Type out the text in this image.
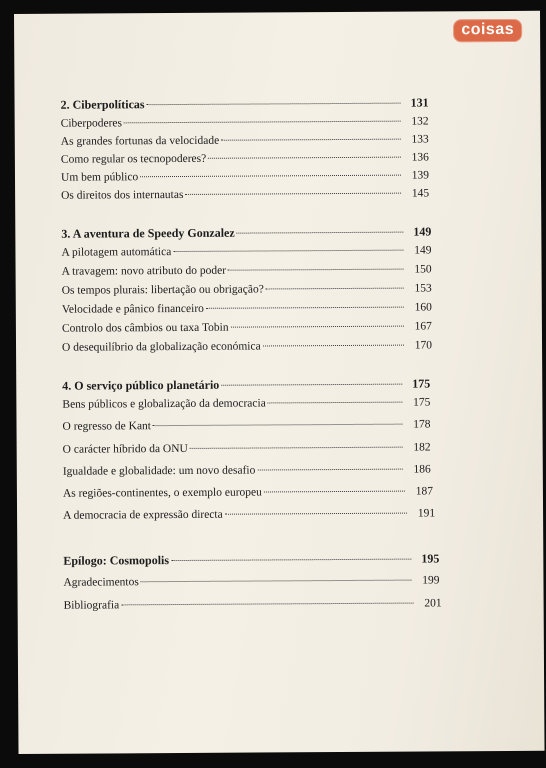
coisas
2. Ciberpolíticas	131
Ciberpoderes	132
As grandes fortunas da velocidade	133
Como regular os tecnopoderes?	136
Um bem público	139
Os direitos dos internautas	145
3. A aventura de Speedy Gonzalez	149
A pilotagem automática	149
A travagem: novo atributo do poder	150
Os tempos plurais: libertação ou obrigação?	153
Velocidade e pânico financeiro	160
Controlo dos câmbios ou taxa Tobin	167
O desequilíbrio da globalização económica	170
4. O serviço público planetário	175
Bens públicos e globalização da democracia	175
O regresso de Kant	178
O carácter híbrido da ONU	182
Igualdade e globalidade: um novo desafio	186
As regiões-continentes, o exemplo europeu	187
A democracia de expressão directa	191
Epílogo: Cosmopolis	195
Agradecimentos	199
Bibliografia	201
